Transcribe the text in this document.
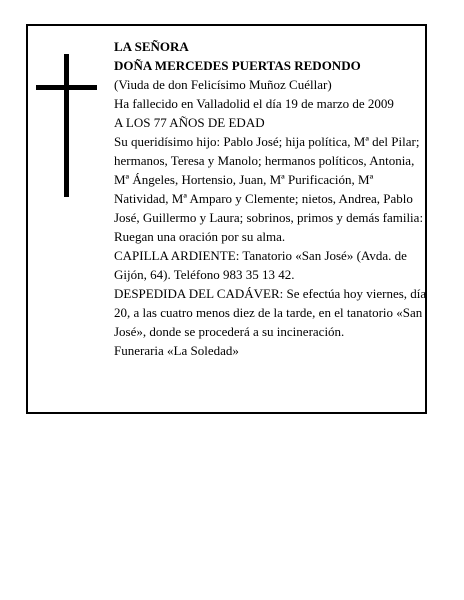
LA SEÑORA

DOÑA MERCEDES PUERTAS REDONDO

(Viuda de don Felicísimo Muñoz Cuéllar)

Ha fallecido en Valladolid el día 19 de marzo de 2009

A LOS 77 AÑOS DE EDAD

Su queridísimo hijo: Pablo José; hija política, Mª del Pilar; hermanos, Teresa y Manolo; hermanos políticos, Antonia, Mª Ángeles, Hortensio, Juan, Mª Purificación, Mª Natividad, Mª Amparo y Clemente; nietos, Andrea, Pablo José, Guillermo y Laura; sobrinos, primos y demás familia:

Ruegan una oración por su alma.

CAPILLA ARDIENTE: Tanatorio «San José» (Avda. de Gijón, 64). Teléfono 983 35 13 42.

DESPEDIDA DEL CADÁVER: Se efectúa hoy viernes, día 20, a las cuatro menos diez de la tarde, en el tanatorio «San José», donde se procederá a su incineración.

Funeraria «La Soledad»
